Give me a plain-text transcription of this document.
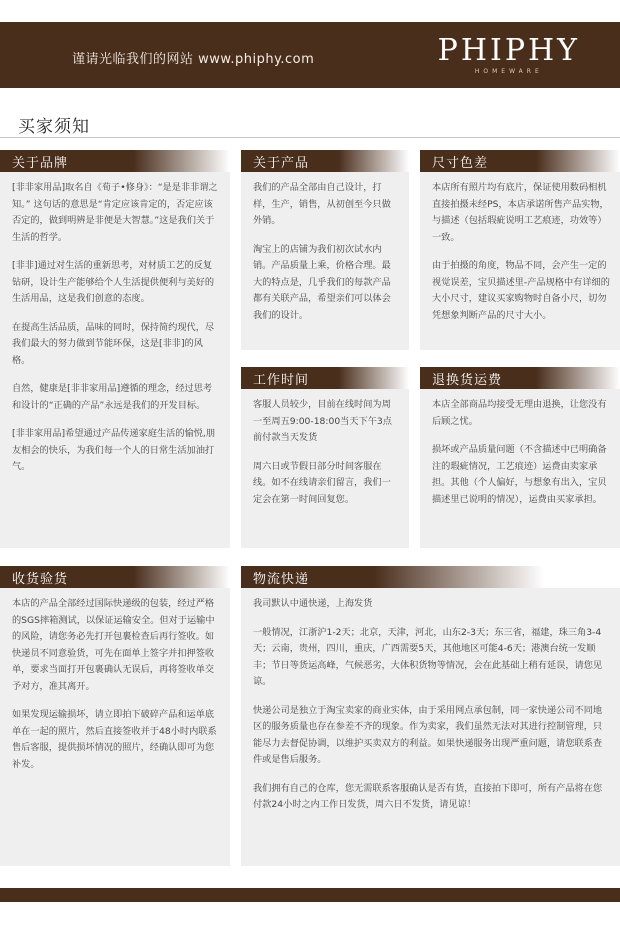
谨请光临我们的网站 www.phiphy.com	PHIPHY
HOMEWARE
买家须知
关于品牌

[非非家用品]取名自《荀子•修身》：“是是非非谓之知。” 这句话的意思是“肯定应该肯定的，否定应该否定的，做到明辨是非便是大智慧。”这是我们关于生活的哲学。

[非非]通过对生活的重新思考，对材质工艺的反复钻研，设计生产能够给个人生活提供便利与美好的生活用品，这是我们创意的态度。

在提高生活品质，品味的同时，保持简约现代，尽我们最大的努力做到节能环保，这是[非非]的风格。

自然，健康是[非非家用品]遵循的理念，经过思考和设计的“正确的产品”永远是我们的开发目标。

[非非家用品]希望通过产品传递家庭生活的愉悦,朋友相会的快乐，为我们每一个人的日常生活加油打气。

关于产品

我们的产品全部由自己设计，打样，生产，销售，从初创至今只做外销。

淘宝上的店铺为我们初次试水内销。产品质量上乘，价格合理。最大的特点是，几乎我们的每款产品都有关联产品，希望亲们可以体会我们的设计。

尺寸色差

本店所有照片均有底片，保证使用数码相机直接拍摄未经PS，本店承诺所售产品实物，与描述（包括瑕疵说明工艺痕迹，功效等）一致。

由于拍摄的角度，物品不同，会产生一定的视觉误差，宝贝描述里-产品规格中有详细的大小尺寸，建议买家购物时自备小尺，切勿凭想象判断产品的尺寸大小。

工作时间

客服人员较少，目前在线时间为周一至周五9:00-18:00当天下午3点前付款当天发货

周六日或节假日部分时间客服在线。如不在线请亲们留言，我们一定会在第一时间回复您。

退换货运费

本店全部商品均接受无理由退换，让您没有后顾之忧。

损坏或产品质量问题（不含描述中已明确备注的瑕疵情况，工艺痕迹）运费由卖家承担。其他（个人偏好，与想象有出入，宝贝描述里已说明的情况），运费由买家承担。

收货验货

本店的产品全部经过国际快递级的包装，经过严格的SGS摔箱测试，以保证运输安全。但对于运输中的风险，请您务必先打开包裹检查后再行签收。如快递员不同意验货，可先在面单上签字并扣押签收单，要求当面打开包裹确认无误后，再将签收单交予对方，准其离开。

如果发现运输损坏，请立即拍下破碎产品和运单底单在一起的照片，然后直接签收并于48小时内联系售后客服，提供损坏情况的照片，经确认即可为您补发。

物流快递

我司默认中通快递，上海发货

一般情况，江浙沪1-2天；北京，天津，河北，山东2-3天；东三省，福建，珠三角3-4天；云南，贵州，四川，重庆，广西需要5天，其他地区可能4-6天；港澳台统一发顺丰；节日等货运高峰，气候恶劣，大体积货物等情况，会在此基础上稍有延误，请您见谅。

快递公司是独立于淘宝卖家的商业实体，由于采用网点承包制，同一家快递公司不同地区的服务质量也存在参差不齐的现象。作为卖家，我们虽然无法对其进行控制管理，只能尽力去督促协调，以维护买卖双方的利益。如果快递服务出现严重问题，请您联系查件或是售后服务。

我们拥有自己的仓库，您无需联系客服确认是否有货，直接拍下即可，所有产品将在您付款24小时之内工作日发货，周六日不发货，请见谅！
